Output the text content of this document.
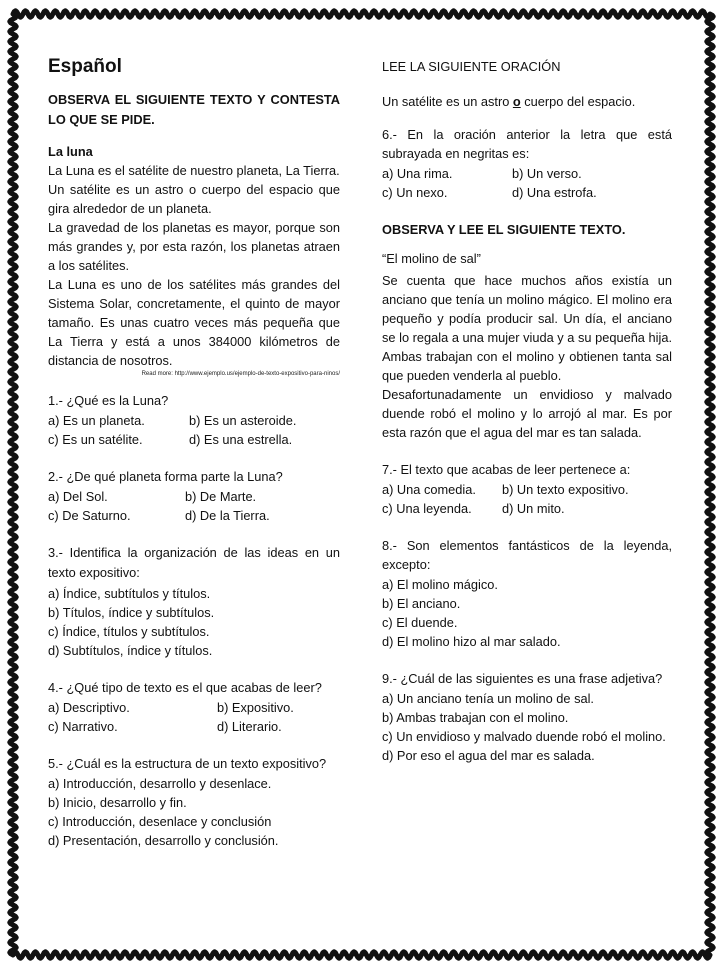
Español
OBSERVA EL SIGUIENTE TEXTO Y CONTESTA LO QUE SE PIDE.
La luna

La Luna es el satélite de nuestro planeta, La Tierra.

Un satélite es un astro o cuerpo del espacio que gira alrededor de un planeta.

La gravedad de los planetas es mayor, porque son más grandes y, por esta razón, los planetas atraen a los satélites.

La Luna es uno de los satélites más grandes del Sistema Solar, concretamente, el quinto de mayor tamaño. Es unas cuatro veces más pequeña que La Tierra y está a unos 384000 kilómetros de distancia de nosotros.

Read more: http://www.ejemplo.us/ejemplo-de-texto-expositivo-para-ninos/
1.- ¿Qué es la Luna?
a) Es un planeta.	b) Es un asteroide.
c) Es un satélite.	d) Es una estrella.
2.- ¿De qué planeta forma parte la Luna?
a) Del Sol.	b) De Marte.
c) De Saturno.	d) De la Tierra.
3.- Identifica la organización de las ideas en un texto expositivo:
a) Índice, subtítulos y títulos.
b) Títulos, índice y subtítulos.
c) Índice, títulos y subtítulos.
d) Subtítulos, índice y títulos.
4.- ¿Qué tipo de texto es el que acabas de leer?
a) Descriptivo.	b) Expositivo.
c) Narrativo.	d) Literario.
5.- ¿Cuál es la estructura de un texto expositivo?
a) Introducción, desarrollo y desenlace.
b) Inicio, desarrollo y fin.
c) Introducción, desenlace y conclusión
d) Presentación, desarrollo y conclusión.
LEE LA SIGUIENTE ORACIÓN
Un satélite es un astro o cuerpo del espacio.
6.- En la oración anterior la letra que está subrayada en negritas es:
a) Una rima.	b) Un verso.
c) Un nexo.	d) Una estrofa.
OBSERVA Y LEE EL SIGUIENTE TEXTO.
“El molino de sal”

Se cuenta que hace muchos años existía un anciano que tenía un molino mágico. El molino era pequeño y podía producir sal. Un día, el anciano se lo regala a una mujer viuda y a su pequeña hija. Ambas trabajan con el molino y obtienen tanta sal que pueden venderla al pueblo.

Desafortunadamente un envidioso y malvado duende robó el molino y lo arrojó al mar. Es por esta razón que el agua del mar es tan salada.

7.- El texto que acabas de leer pertenece a:
a) Una comedia.	b) Un texto expositivo.
c) Una leyenda.	d) Un mito.
8.- Son elementos fantásticos de la leyenda, excepto:
a) El molino mágico.
b) El anciano.
c) El duende.
d) El molino hizo al mar salado.
9.- ¿Cuál de las siguientes es una frase adjetiva?
a) Un anciano tenía un molino de sal.
b) Ambas trabajan con el molino.
c) Un envidioso y malvado duende robó el molino.
d) Por eso el agua del mar es salada.
